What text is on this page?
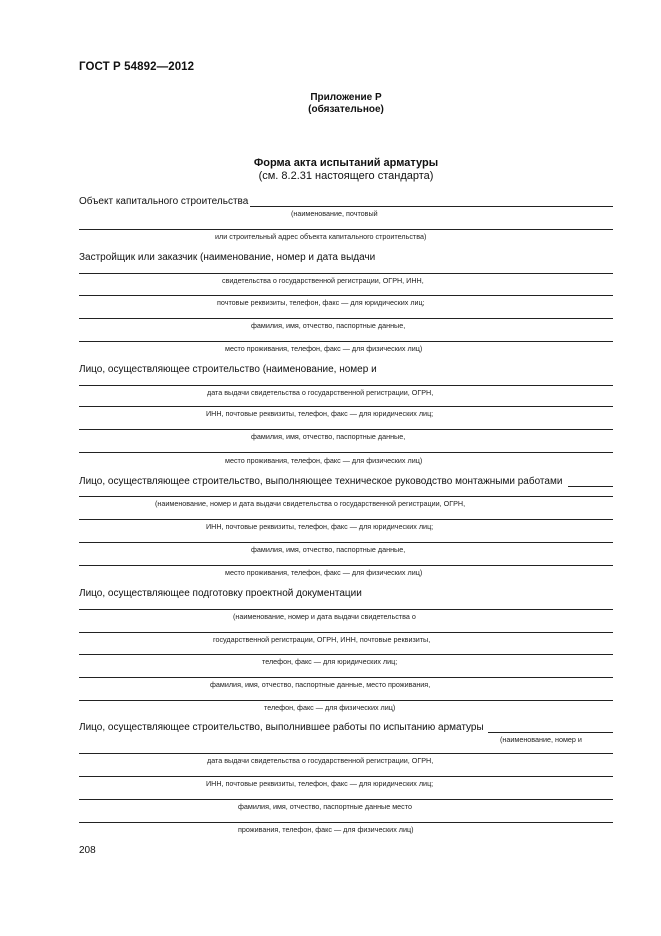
ГОСТ Р 54892—2012
Приложение Р
(обязательное)
Форма акта испытаний арматуры
(см. 8.2.31 настоящего стандарта)
Объект капитального строительства
(наименование, почтовый
или строительный адрес объекта капитального строительства)
Застройщик или заказчик (наименование, номер и дата выдачи
свидетельства о государственной регистрации, ОГРН, ИНН,
почтовые реквизиты, телефон, факс — для юридических лиц;
фамилия, имя, отчество, паспортные данные,
место проживания, телефон, факс — для физических лиц)
Лицо, осуществляющее строительство (наименование, номер и
дата выдачи свидетельства о государственной регистрации, ОГРН,
ИНН, почтовые реквизиты, телефон, факс — для юридических лиц;
фамилия, имя, отчество, паспортные данные,
место проживания, телефон, факс — для физических лиц)
Лицо, осуществляющее строительство, выполняющее техническое руководство монтажными работами
(наименование, номер и дата выдачи свидетельства о государственной регистрации, ОГРН,
ИНН, почтовые реквизиты, телефон, факс — для юридических лиц;
фамилия, имя, отчество, паспортные данные,
место проживания, телефон, факс — для физических лиц)
Лицо, осуществляющее подготовку проектной документации
(наименование, номер и дата выдачи свидетельства о
государственной регистрации, ОГРН, ИНН, почтовые реквизиты,
телефон, факс — для юридических лиц;
фамилия, имя, отчество, паспортные данные, место проживания,
телефон, факс — для физических лиц)
Лицо, осуществляющее строительство, выполнившее работы по испытанию арматуры
(наименование, номер и
дата выдачи свидетельства о государственной регистрации, ОГРН,
ИНН, почтовые реквизиты, телефон, факс — для юридических лиц;
фамилия, имя, отчество, паспортные данные место
проживания, телефон, факс — для физических лиц)
208
